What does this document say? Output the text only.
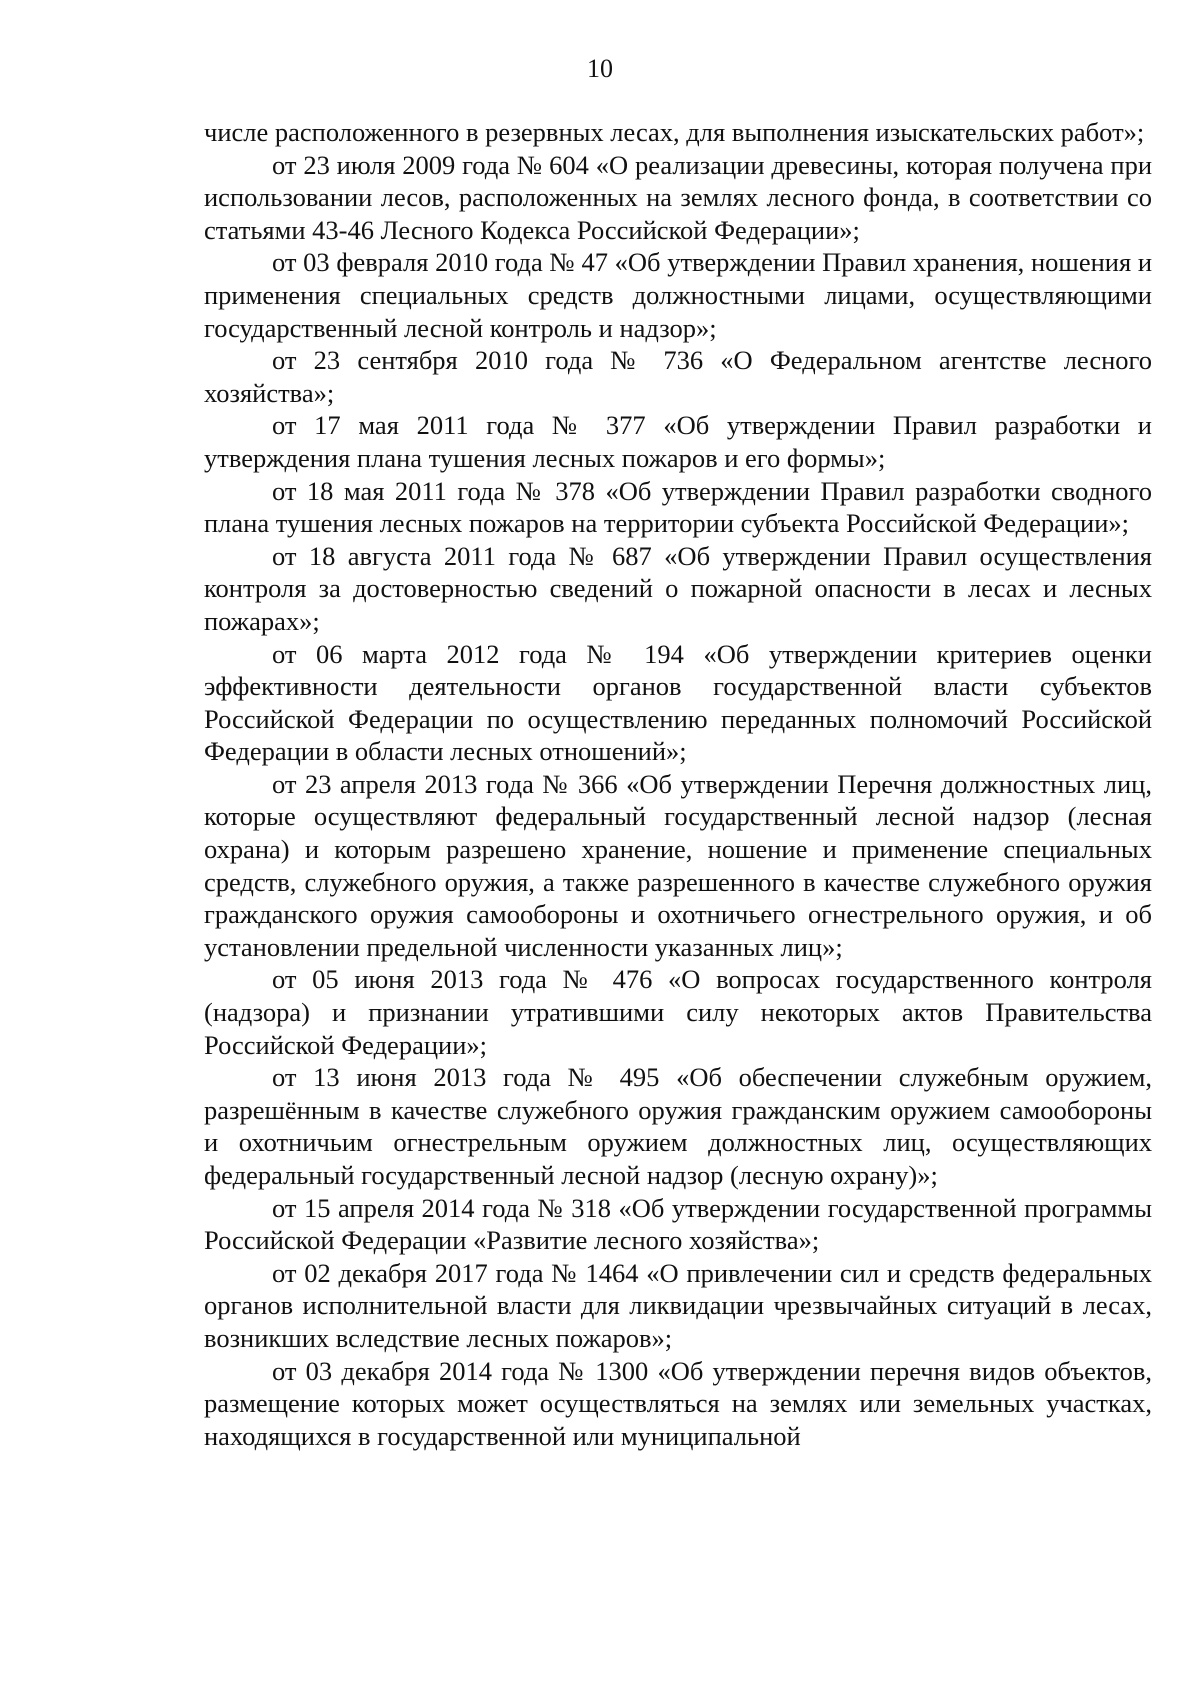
10

числе расположенного в резервных лесах, для выполнения изыскательских работ»;

от 23 июля 2009 года № 604 «О реализации древесины, которая получена при использовании лесов, расположенных на землях лесного фонда, в соответствии со статьями 43-46 Лесного Кодекса Российской Федерации»;

от 03 февраля 2010 года № 47 «Об утверждении Правил хранения, ношения и применения специальных средств должностными лицами, осуществляющими государственный лесной контроль и надзор»;

от 23 сентября 2010 года № 736 «О Федеральном агентстве лесного хозяйства»;

от 17 мая 2011 года № 377 «Об утверждении Правил разработки и утверждения плана тушения лесных пожаров и его формы»;

от 18 мая 2011 года № 378 «Об утверждении Правил разработки сводного плана тушения лесных пожаров на территории субъекта Российской Федерации»;

от 18 августа 2011 года № 687 «Об утверждении Правил осуществления контроля за достоверностью сведений о пожарной опасности в лесах и лесных пожарах»;

от 06 марта 2012 года № 194 «Об утверждении критериев оценки эффективности деятельности органов государственной власти субъектов Российской Федерации по осуществлению переданных полномочий Российской Федерации в области лесных отношений»;

от 23 апреля 2013 года № 366 «Об утверждении Перечня должностных лиц, которые осуществляют федеральный государственный лесной надзор (лесная охрана) и которым разрешено хранение, ношение и применение специальных средств, служебного оружия, а также разрешенного в качестве служебного оружия гражданского оружия самообороны и охотничьего огнестрельного оружия, и об установлении предельной численности указанных лиц»;

от 05 июня 2013 года № 476 «О вопросах государственного контроля (надзора) и признании утратившими силу некоторых актов Правительства Российской Федерации»;

от 13 июня 2013 года № 495 «Об обеспечении служебным оружием, разрешённым в качестве служебного оружия гражданским оружием самообороны и охотничьим огнестрельным оружием должностных лиц, осуществляющих федеральный государственный лесной надзор (лесную охрану)»;

от 15 апреля 2014 года № 318 «Об утверждении государственной программы Российской Федерации «Развитие лесного хозяйства»;

от 02 декабря 2017 года № 1464 «О привлечении сил и средств федеральных органов исполнительной власти для ликвидации чрезвычайных ситуаций в лесах, возникших вследствие лесных пожаров»;

от 03 декабря 2014 года № 1300 «Об утверждении перечня видов объектов, размещение которых может осуществляться на землях или земельных участках, находящихся в государственной или муниципальной
